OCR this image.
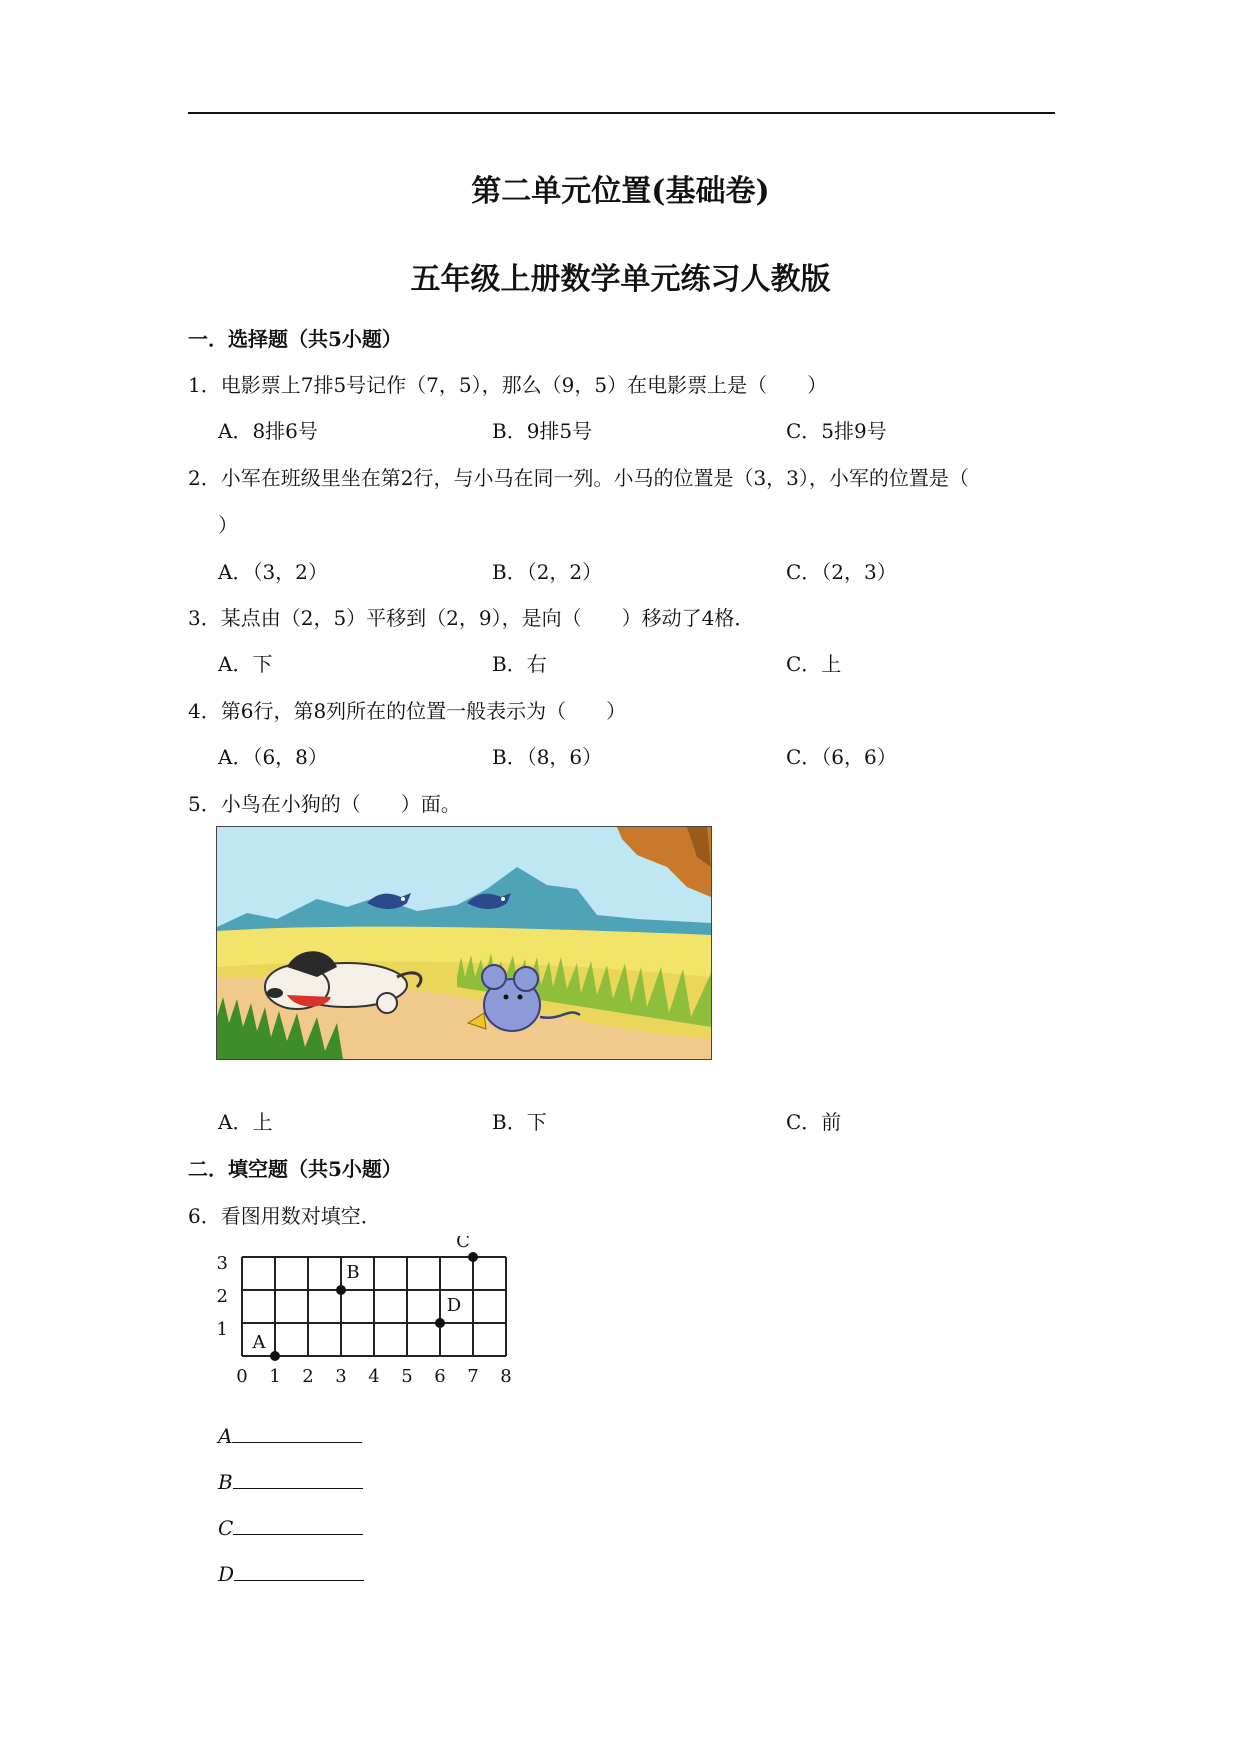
第二单元位置(基础卷)
五年级上册数学单元练习人教版
一．选择题（共5小题）
1．电影票上7排5号记作（7，5），那么（9，5）在电影票上是（　　）
A．8排6号	B．9排5号	C．5排9号
2．小军在班级里坐在第2行，与小马在同一列。小马的位置是（3，3），小军的位置是（
）
A．（3，2）	B．（2，2）	C．（2，3）
3．某点由（2，5）平移到（2，9），是向（　　）移动了4格．
A．下	B．右	C．上
4．第6行，第8列所在的位置一般表示为（　　）
A．（6，8）	B．（8，6）	C．（6，6）
5．小鸟在小狗的（　　）面。
A．上	B．下	C．前
二．填空题（共5小题）
6．看图用数对填空．
0 1 2 3 4 5 6 7 8
1
2
3
A
B
C
D
A
B
C
D
